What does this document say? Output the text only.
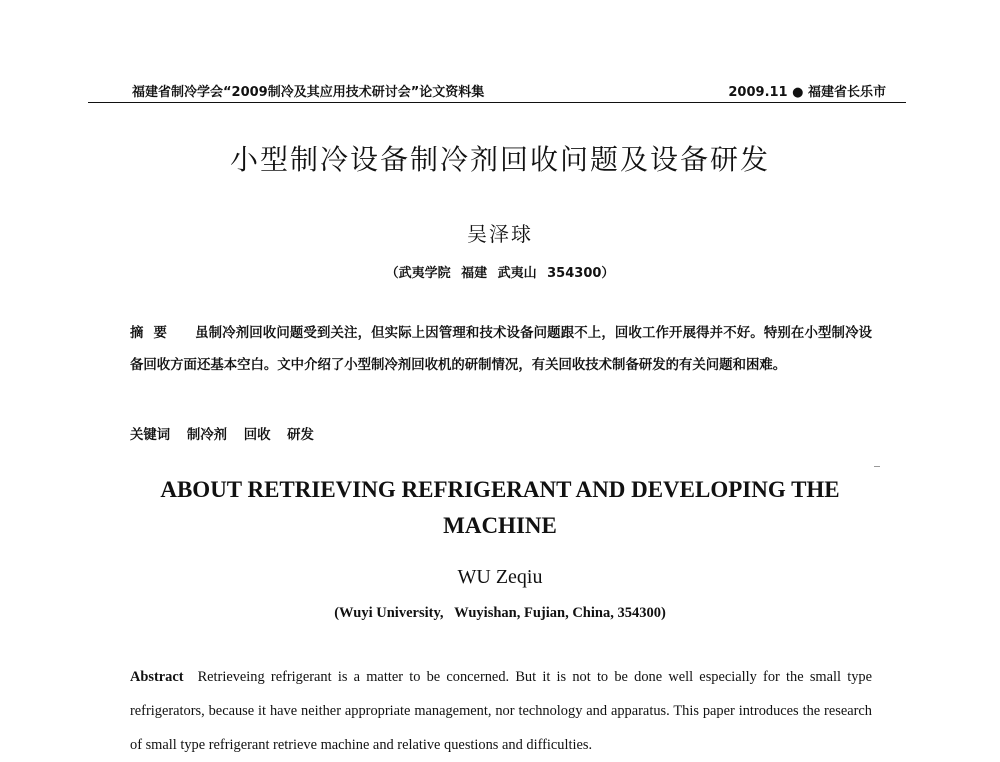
福建省制冷学会“2009制冷及其应用技术研讨会”论文资料集	2009.11 ● 福建省长乐市
小型制冷设备制冷剂回收问题及设备研发
吴泽球
（武夷学院 福建 武夷山 354300）
摘要 虽制冷剂回收问题受到关注，但实际上因管理和技术设备问题跟不上，回收工作开展得并不好。特别在小型制冷设备回收方面还基本空白。文中介绍了小型制冷剂回收机的研制情况，有关回收技术制备研发的有关问题和困难。
关键词 制冷剂 回收 研发
ABOUT RETRIEVING REFRIGERANT AND DEVELOPING THE MACHINE
WU Zeqiu
(Wuyi University,   Wuyishan, Fujian, China, 354300)
Abstract Retrieveing refrigerant is a matter to be concerned. But it is not to be done well especially for the small type refrigerators, because it have neither appropriate management, nor technology and apparatus. This paper introduces the research of small type refrigerant retrieve machine and relative questions and difficulties.
